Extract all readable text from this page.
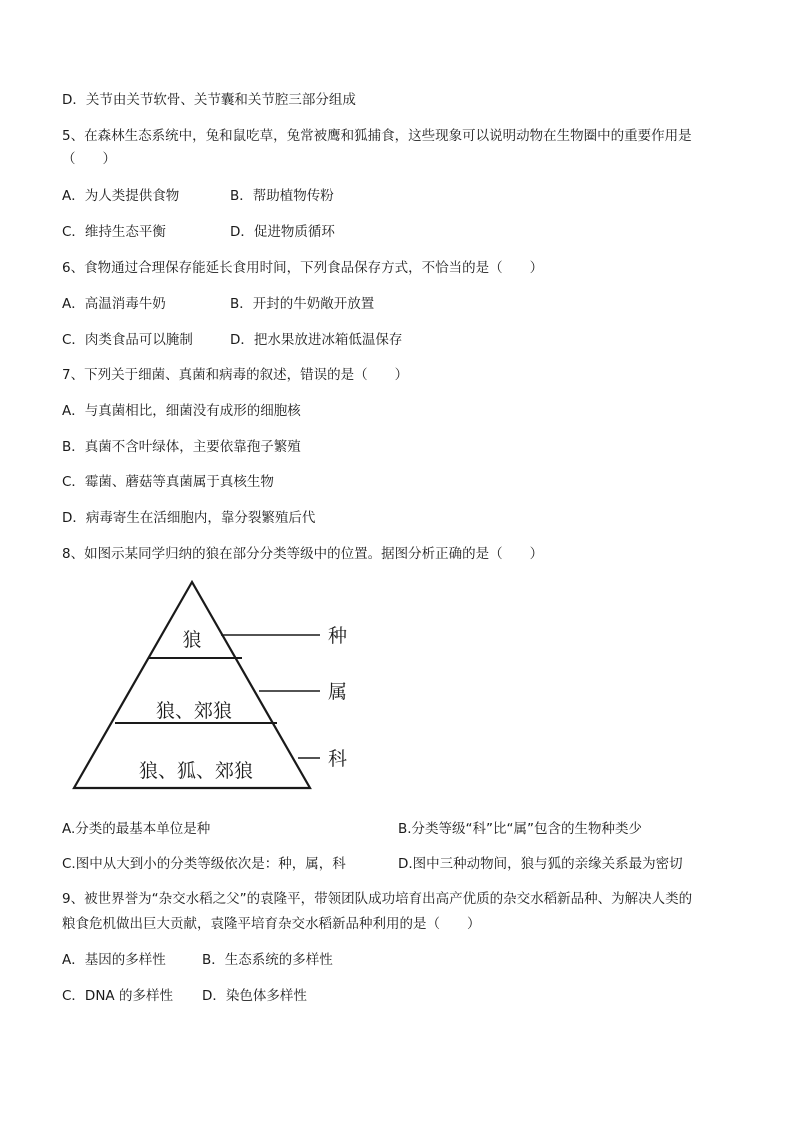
D．关节由关节软骨、关节囊和关节腔三部分组成
5、在森林生态系统中，兔和鼠吃草，兔常被鹰和狐捕食，这些现象可以说明动物在生物圈中的重要作用是
（　　）
A．为人类提供食物
C．维持生态平衡
6、食物通过合理保存能延长食用时间，下列食品保存方式，不恰当的是（　　）
A．高温消毒牛奶
C．肉类食品可以腌制
7、下列关于细菌、真菌和病毒的叙述，错误的是（　　）
A．与真菌相比，细菌没有成形的细胞核
B．真菌不含叶绿体，主要依靠孢子繁殖
C．霉菌、蘑菇等真菌属于真核生物
D．病毒寄生在活细胞内，靠分裂繁殖后代
8、如图示某同学归纳的狼在部分分类等级中的位置。据图分析正确的是（　　）
A.分类的最基本单位是种
C.图中从大到小的分类等级依次是：种，属，科
9、被世界誉为“杂交水稻之父”的袁隆平，带领团队成功培育出高产优质的杂交水稻新品种、为解决人类的
粮食危机做出巨大贡献，袁隆平培育杂交水稻新品种利用的是（　　）
A．基因的多样性
C．DNA 的多样性
B．帮助植物传粉
D．促进物质循环
B．开封的牛奶敞开放置
D．把水果放进冰箱低温保存
B.分类等级“科”比“属”包含的生物种类少
D.图中三种动物间，狼与狐的亲缘关系最为密切
B．生态系统的多样性
D．染色体多样性
狼
狼、郊狼
狼、狐、郊狼
种
属
科
